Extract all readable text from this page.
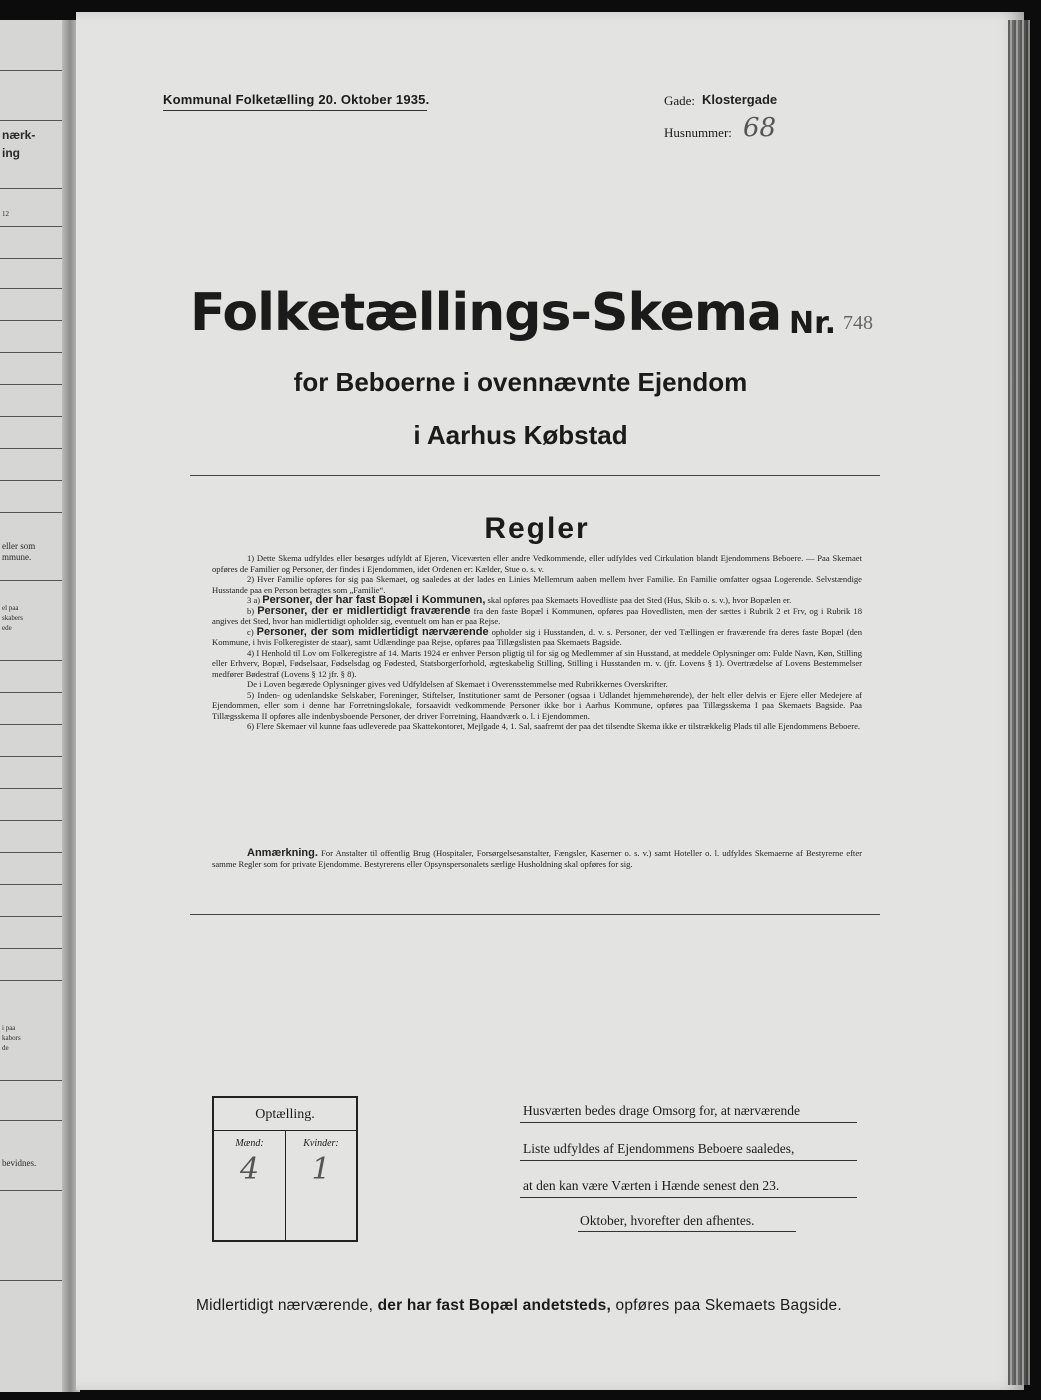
nærk-
ing
12
eller som
mmune.
el paa
skabers
ede
i paa
kabors
de
bevidnes.
Kommunal Folketælling 20. Oktober 1935.	Gade: Klostergade
Husnummer: 68
Folketællings-Skema Nr. 748
for Beboerne i ovennævnte Ejendom
i Aarhus Købstad
Regler

1) Dette Skema udfyldes eller besørges udfyldt af Ejeren, Viceværten eller andre Vedkommende, eller udfyldes ved Cirkulation blandt Ejendommens Beboere. — Paa Skemaet opføres de Familier og Personer, der findes i Ejendommen, idet Ordenen er: Kælder, Stue o. s. v.

2) Hver Familie opføres for sig paa Skemaet, og saaledes at der lades en Linies Mellemrum aaben mellem hver Familie. En Familie omfatter ogsaa Logerende. Selvstændige Husstande paa en Person betragtes som „Familie“.

3 a) Personer, der har fast Bopæl i Kommunen, skal opføres paa Skemaets Hovedliste paa det Sted (Hus, Skib o. s. v.), hvor Bopælen er.

b) Personer, der er midlertidigt fraværende fra den faste Bopæl i Kommunen, opføres paa Hovedlisten, men der sættes i Rubrik 2 et Frv, og i Rubrik 18 angives det Sted, hvor han midlertidigt opholder sig, eventuelt om han er paa Rejse.

c) Personer, der som midlertidigt nærværende opholder sig i Husstanden, d. v. s. Personer, der ved Tællingen er fraværende fra deres faste Bopæl (den Kommune, i hvis Folkeregister de staar), samt Udlændinge paa Rejse, opføres paa Tillægslisten paa Skemaets Bagside.

4) I Henhold til Lov om Folkeregistre af 14. Marts 1924 er enhver Person pligtig til for sig og Medlemmer af sin Husstand, at meddele Oplysninger om: Fulde Navn, Køn, Stilling eller Erhverv, Bopæl, Fødselsaar, Fødselsdag og Fødested, Statsborgerforhold, ægteskabelig Stilling, Stilling i Husstanden m. v. (jfr. Lovens § 1). Overtrædelse af Lovens Bestemmelser medfører Bødestraf (Lovens § 12 jfr. § 8).

De i Loven begærede Oplysninger gives ved Udfyldelsen af Skemaet i Overensstemmelse med Rubrikkernes Overskrifter.

5) Inden- og udenlandske Selskaber, Foreninger, Stiftelser, Institutioner samt de Personer (ogsaa i Udlandet hjemmehørende), der helt eller delvis er Ejere eller Medejere af Ejendommen, eller som i denne har Forretningslokale, forsaavidt vedkommende Personer ikke bor i Aarhus Kommune, opføres paa Tillægsskema I paa Skemaets Bagside. Paa Tillægsskema II opføres alle indenbysboende Personer, der driver Forretning, Haandværk o. l. i Ejendommen.

6) Flere Skemaer vil kunne faas udleverede paa Skattekontoret, Mejlgade 4, 1. Sal, saafremt der paa det tilsendte Skema ikke er tilstrækkelig Plads til alle Ejendommens Beboere.

Anmærkning. For Anstalter til offentlig Brug (Hospitaler, Forsørgelsesanstalter, Fængsler, Kaserner o. s. v.) samt Hoteller o. l. udfyldes Skemaerne af Bestyrerne efter samme Regler som for private Ejendomme. Bestyrerens eller Opsynspersonalets særlige Husholdning skal opføres for sig.

Optælling.
Mænd:	Kvinder:
4	1
Husværten bedes drage Omsorg for, at nærværende
Liste udfyldes af Ejendommens Beboere saaledes,
at den kan være Værten i Hænde senest den 23.
Oktober, hvorefter den afhentes.
Midlertidigt nærværende, der har fast Bopæl andetsteds, opføres paa Skemaets Bagside.
